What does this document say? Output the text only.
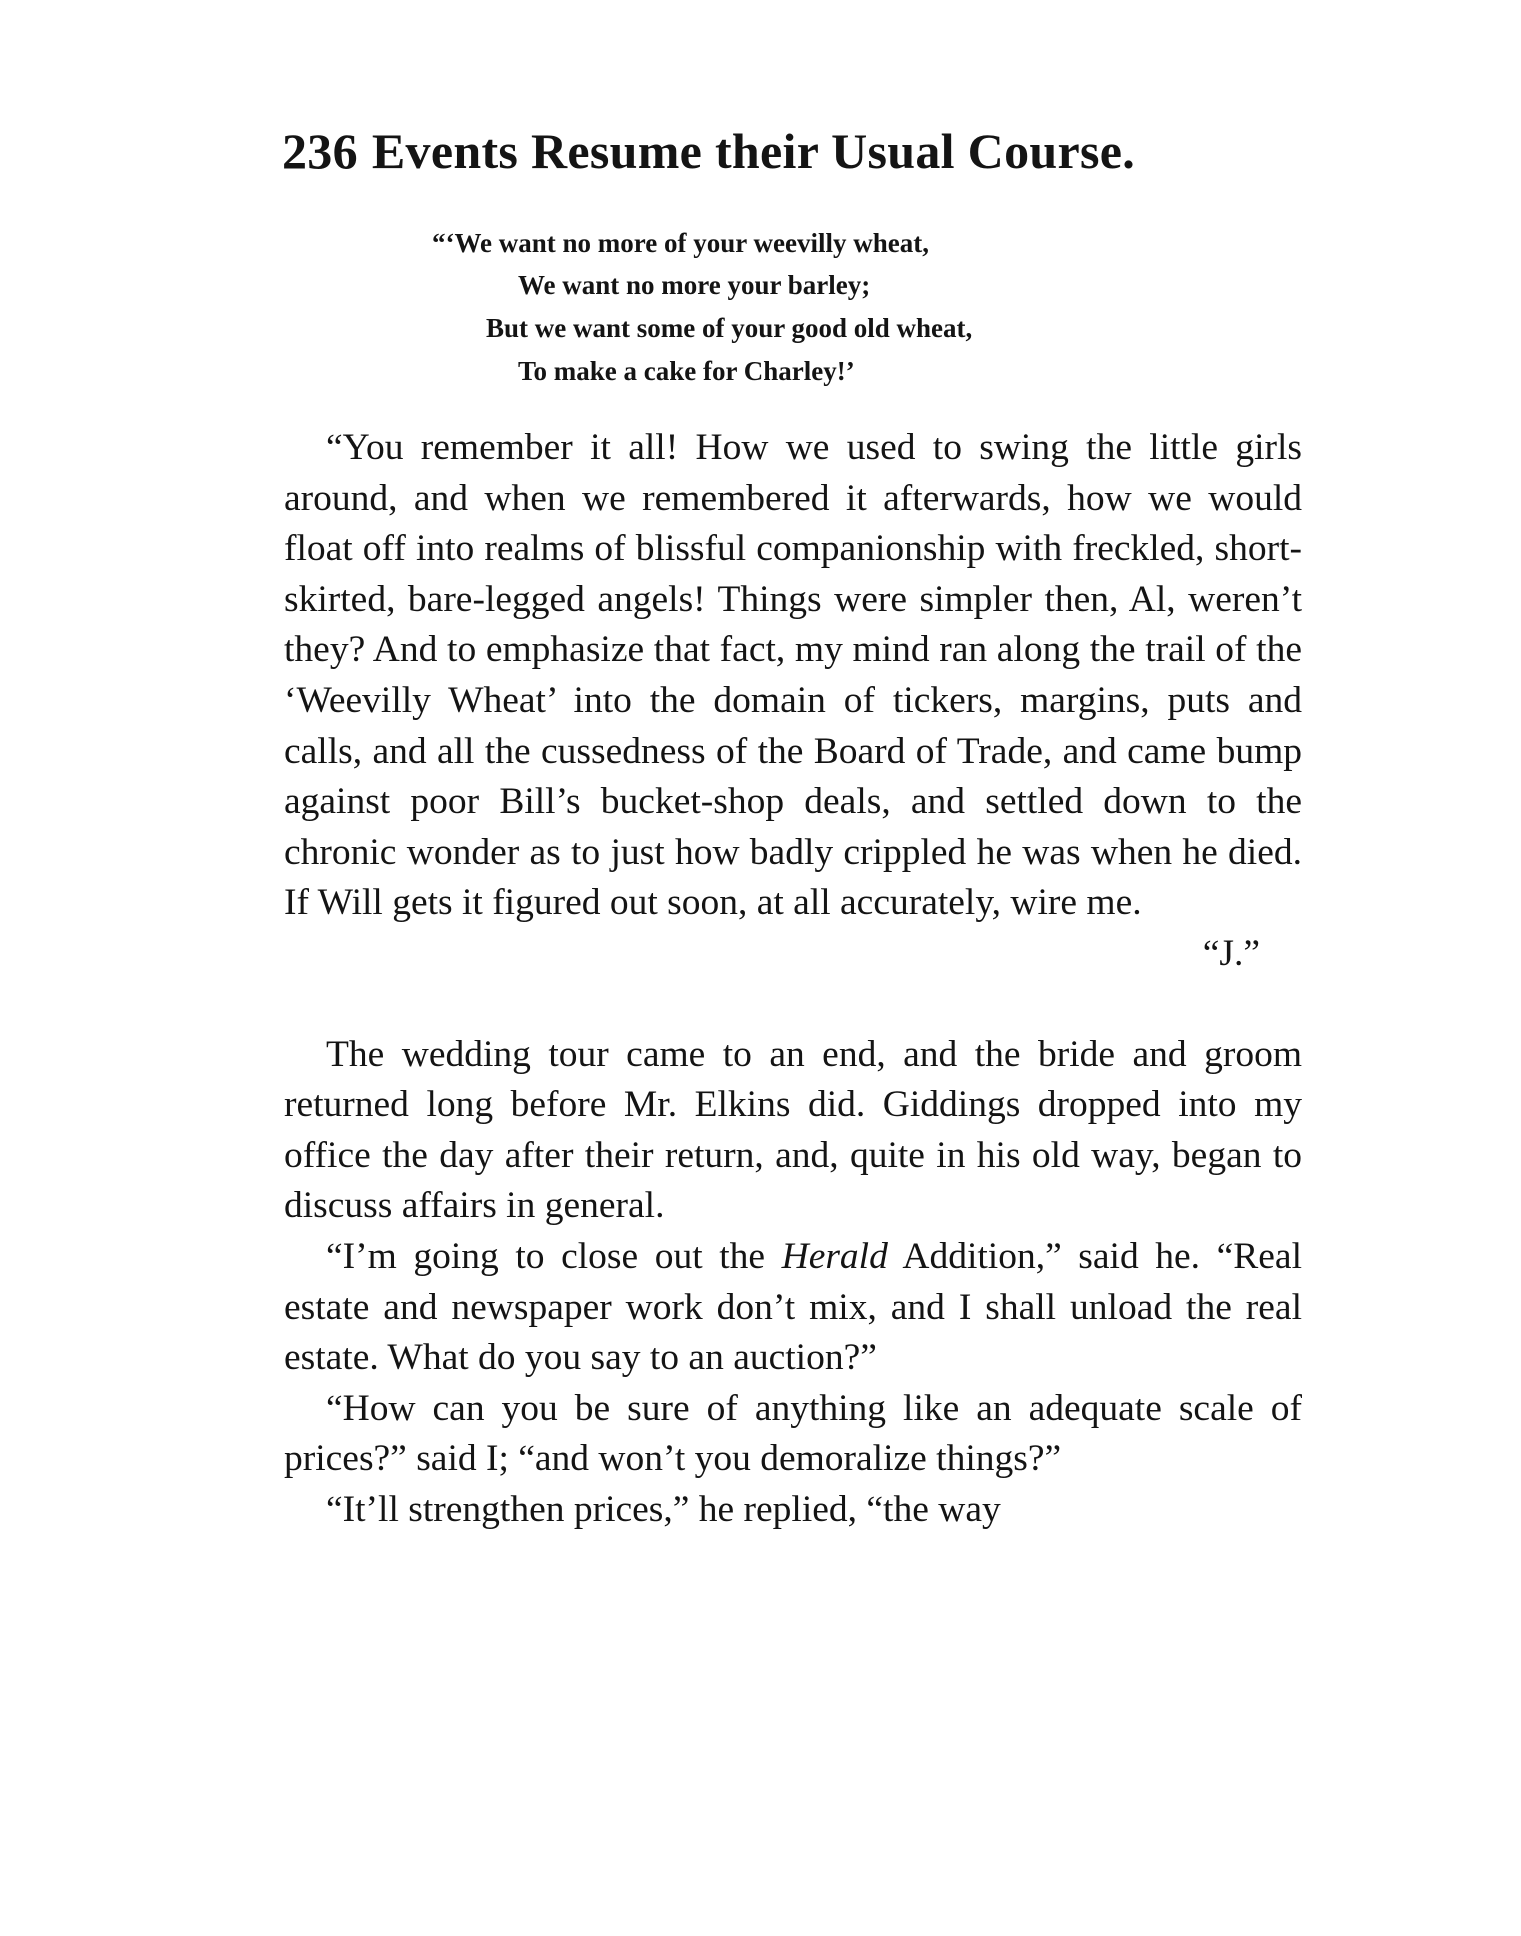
236 Events Resume their Usual Course.
“‘We want no more of your weevilly wheat,
We want no more your barley;
But we want some of your good old wheat,
To make a cake for Charley!’

“You remember it all! How we used to swing the little girls around, and when we remembered it afterwards, how we would float off into realms of blissful companionship with freckled, short-skirted, bare-legged angels! Things were simpler then, Al, weren’t they? And to emphasize that fact, my mind ran along the trail of the ‘Weevilly Wheat’ into the domain of tickers, margins, puts and calls, and all the cussedness of the Board of Trade, and came bump against poor Bill’s bucket-shop deals, and settled down to the chronic wonder as to just how badly crippled he was when he died. If Will gets it figured out soon, at all accurately, wire me.

“J.”

The wedding tour came to an end, and the bride and groom returned long before Mr. Elkins did. Giddings dropped into my office the day after their return, and, quite in his old way, began to discuss affairs in general.

“I’m going to close out the Herald Addition,” said he. “Real estate and newspaper work don’t mix, and I shall unload the real estate. What do you say to an auction?”

“How can you be sure of anything like an adequate scale of prices?” said I; “and won’t you demoralize things?”

“It’ll strengthen prices,” he replied, “the way
